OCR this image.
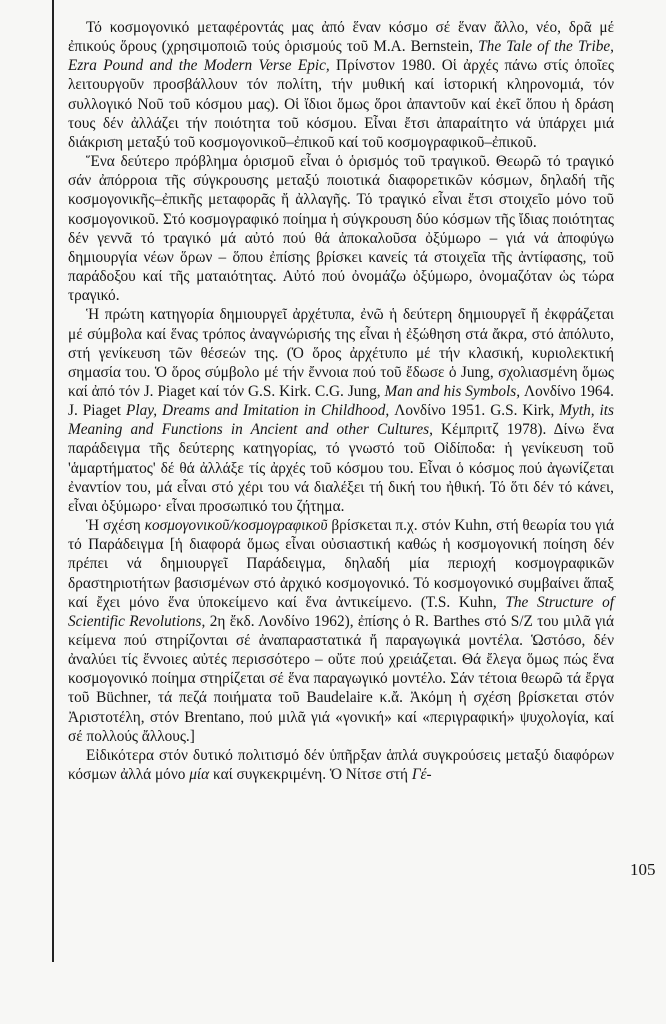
Τό κοσμογονικό μεταφέροντάς μας ἀπό ἕναν κόσμο σέ ἕναν ἄλλο, νέο, δρᾶ μέ ἐπικούς ὅρους (χρησιμοποιῶ τούς ὁρισμούς τοῦ M.A. Bernstein, The Tale of the Tribe, Ezra Pound and the Modern Verse Epic, Πρίνστον 1980. Οἱ ἀρχές πάνω στίς ὁποῖες λειτουργοῦν προσβάλλουν τόν πολίτη, τήν μυθική καί ἱστορική κληρονομιά, τόν συλλογικό Νοῦ τοῦ κόσμου μας). Οἱ ἴδιοι ὅμως ὅροι ἀπαντοῦν καί ἐκεῖ ὅπου ἡ δράση τους δέν ἀλλάζει τήν ποιότητα τοῦ κόσμου. Εἶναι ἔτσι ἀπαραίτητο νά ὑπάρχει μιά διάκριση μεταξύ τοῦ κοσμογονικοῦ–ἐπικοῦ καί τοῦ κοσμογραφικοῦ–ἐπικοῦ.

Ἕνα δεύτερο πρόβλημα ὁρισμοῦ εἶναι ὁ ὁρισμός τοῦ τραγικοῦ. Θεωρῶ τό τραγικό σάν ἀπόρροια τῆς σύγκρουσης μεταξύ ποιοτικά διαφορετικῶν κόσμων, δηλαδή τῆς κοσμογονικῆς–ἐπικῆς μεταφορᾶς ἤ ἀλλαγῆς. Τό τραγικό εἶναι ἔτσι στοιχεῖο μόνο τοῦ κοσμογονικοῦ. Στό κοσμογραφικό ποίημα ἡ σύγκρουση δύο κόσμων τῆς ἴδιας ποιότητας δέν γεννᾶ τό τραγικό μά αὐτό πού θά ἀποκαλοῦσα ὀξύμωρο – γιά νά ἀποφύγω δημιουργία νέων ὅρων – ὅπου ἐπίσης βρίσκει κανείς τά στοιχεῖα τῆς ἀντίφασης, τοῦ παράδοξου καί τῆς ματαιότητας. Αὐτό πού ὀνομάζω ὀξύμωρο, ὀνομαζόταν ὡς τώρα τραγικό.

Ἡ πρώτη κατηγορία δημιουργεῖ ἀρχέτυπα, ἐνῶ ἡ δεύτερη δημιουργεῖ ἤ ἐκφράζεται μέ σύμβολα καί ἕνας τρόπος ἀναγνώρισής της εἶναι ἡ ἐξώθηση στά ἄκρα, στό ἀπόλυτο, στή γενίκευση τῶν θέσεών της. (Ὁ ὅρος ἀρχέτυπο μέ τήν κλασική, κυριολεκτική σημασία του. Ὁ ὅρος σύμβολο μέ τήν ἔννοια πού τοῦ ἔδωσε ὁ Jung, σχολιασμένη ὅμως καί ἀπό τόν J. Piaget καί τόν G.S. Kirk. C.G. Jung, Man and his Symbols, Λονδίνο 1964. J. Piaget Play, Dreams and Imitation in Childhood, Λονδίνο 1951. G.S. Kirk, Myth, its Meaning and Functions in Ancient and other Cultures, Κέμπριτζ 1978). Δίνω ἕνα παράδειγμα τῆς δεύτερης κατηγορίας, τό γνωστό τοῦ Οἰδίποδα: ἡ γενίκευση τοῦ 'ἁμαρτήματος' δέ θά ἀλλάξε τίς ἀρχές τοῦ κόσμου του. Εἶναι ὁ κόσμος πού ἀγωνίζεται ἐναντίον του, μά εἶναι στό χέρι του νά διαλέξει τή δική του ἠθική. Τό ὅτι δέν τό κάνει, εἶναι ὀξύμωρο· εἶναι προσωπικό του ζήτημα.

Ἡ σχέση κοσμογονικοῦ/κοσμογραφικοῦ βρίσκεται π.χ. στόν Kuhn, στή θεωρία του γιά τό Παράδειγμα [ἡ διαφορά ὅμως εἶναι οὐσιαστική καθώς ἡ κοσμογονική ποίηση δέν πρέπει νά δημιουργεῖ Παράδειγμα, δηλαδή μία περιοχή κοσμογραφικῶν δραστηριοτήτων βασισμένων στό ἀρχικό κοσμογονικό. Τό κοσμογονικό συμβαίνει ἅπαξ καί ἔχει μόνο ἕνα ὑποκείμενο καί ἕνα ἀντικείμενο. (T.S. Kuhn, The Structure of Scientific Revolutions, 2η ἔκδ. Λονδίνο 1962), ἐπίσης ὁ R. Barthes στό S/Z του μιλᾶ γιά κείμενα πού στηρίζονται σέ ἀναπαραστατικά ἤ παραγωγικά μοντέλα. Ὡστόσο, δέν ἀναλύει τίς ἔννοιες αὐτές περισσότερο – οὔτε πού χρειάζεται. Θά ἔλεγα ὅμως πώς ἕνα κοσμογονικό ποίημα στηρίζεται σέ ἕνα παραγωγικό μοντέλο. Σάν τέτοια θεωρῶ τά ἔργα τοῦ Büchner, τά πεζά ποιήματα τοῦ Baudelaire κ.ἄ. Ἀκόμη ἡ σχέση βρίσκεται στόν Ἀριστοτέλη, στόν Brentano, πού μιλᾶ γιά «γονική» καί «περιγραφική» ψυχολογία, καί σέ πολλούς ἄλλους.]

Εἰδικότερα στόν δυτικό πολιτισμό δέν ὑπῆρξαν ἁπλά συγκρούσεις μεταξύ διαφόρων κόσμων ἀλλά μόνο μία καί συγκεκριμένη. Ὁ Νίτσε στή Γέ-

105
